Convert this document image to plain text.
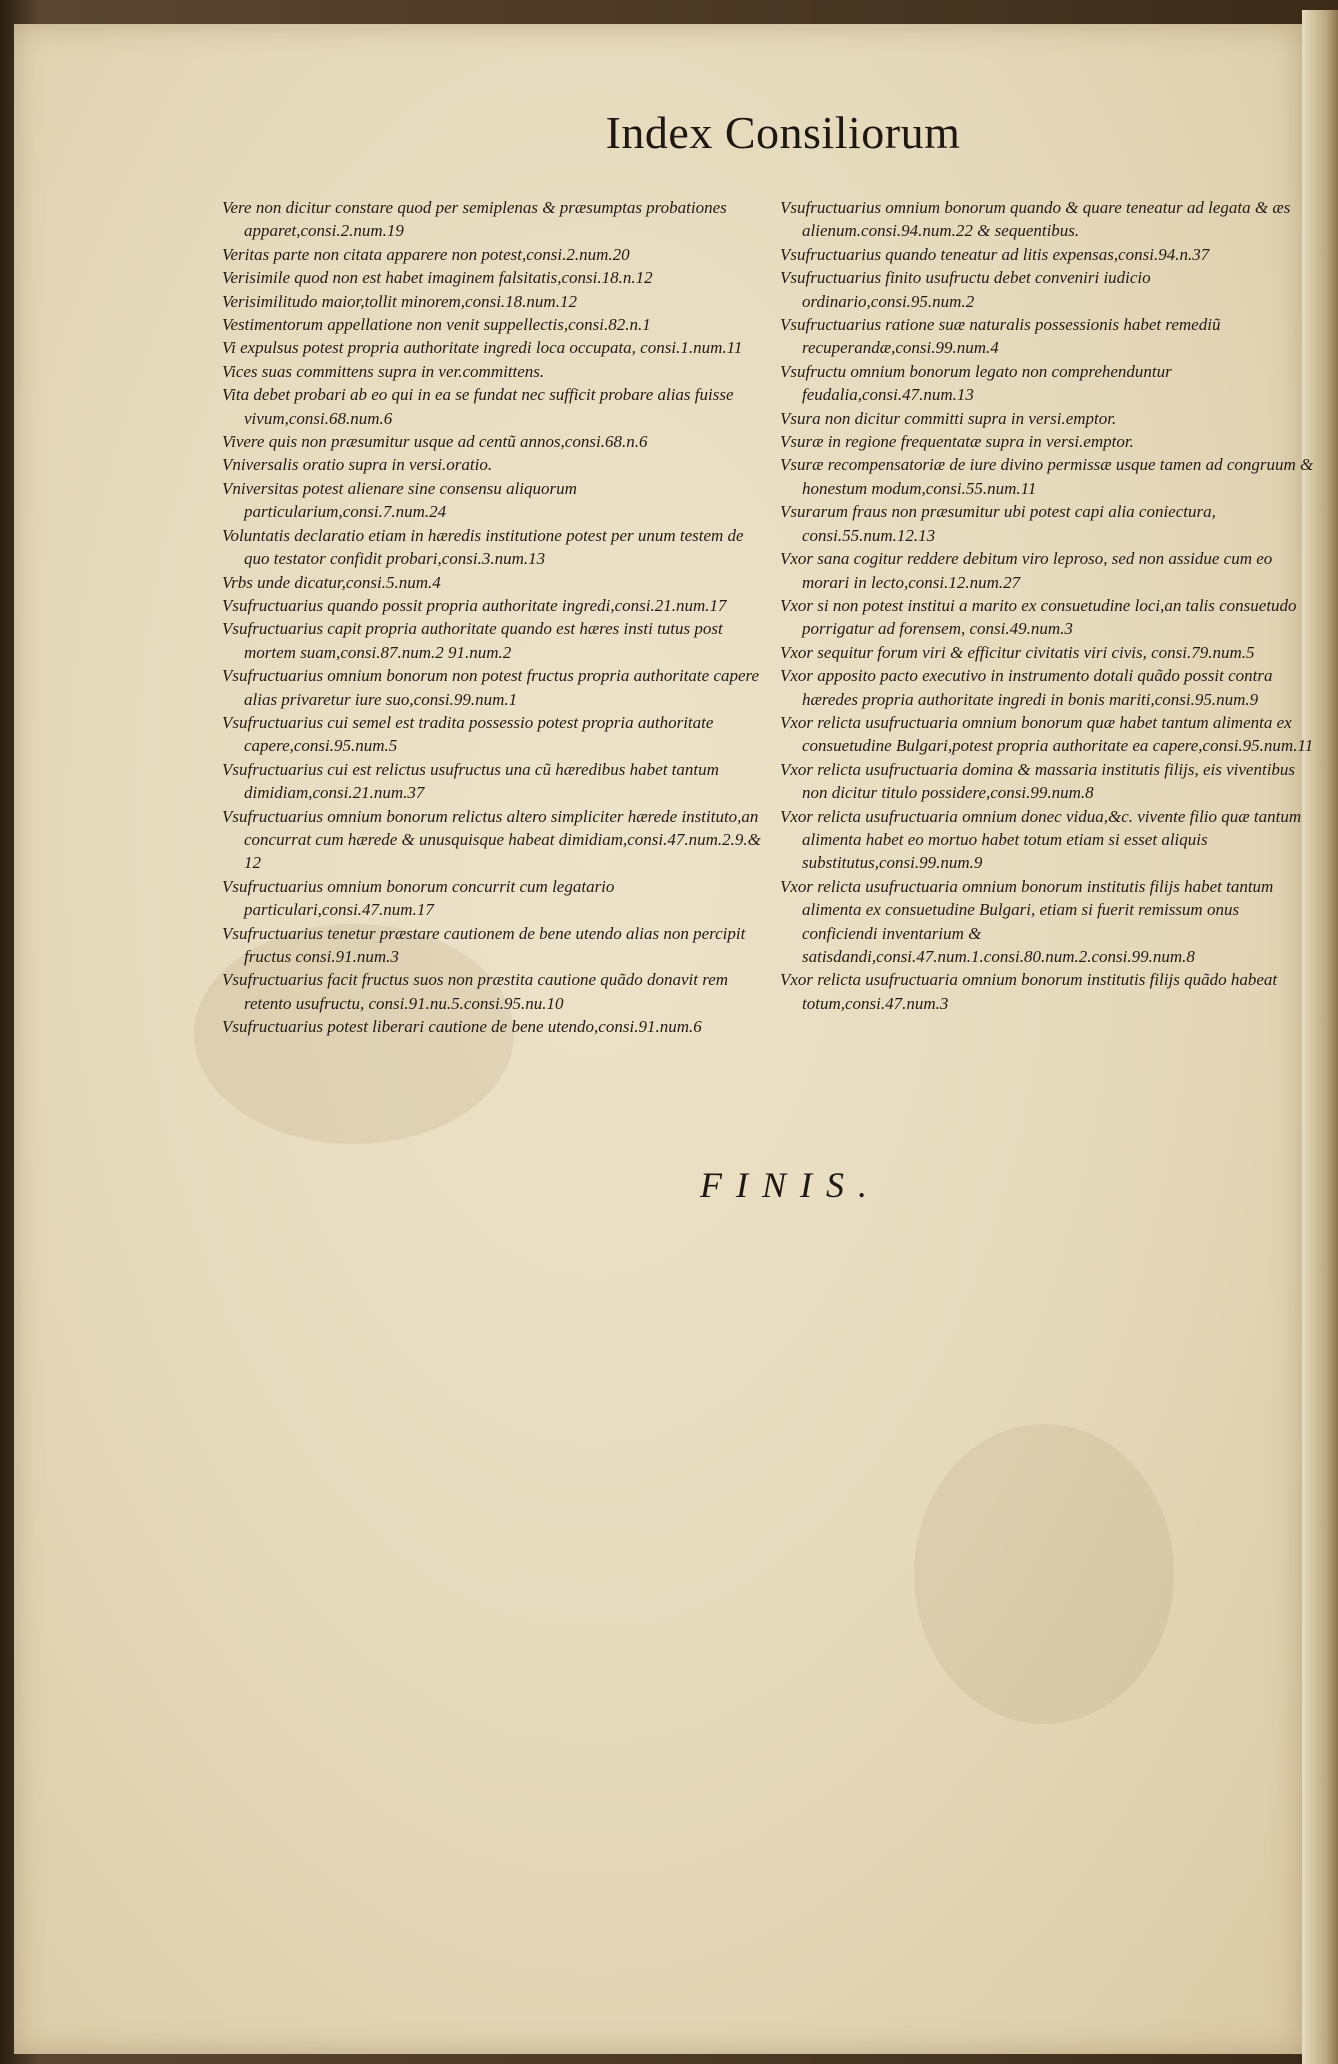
Index Consiliorum

Vere non dicitur constare quod per semiplenas & præsumptas probationes apparet,consi.2.num.19

Veritas parte non citata apparere non potest,consi.2.num.20

Verisimile quod non est habet imaginem falsitatis,consi.18.n.12

Verisimilitudo maior,tollit minorem,consi.18.num.12

Vestimentorum appellatione non venit suppellectis,consi.82.n.1

Vi expulsus potest propria authoritate ingredi loca occupata, consi.1.num.11

Vices suas committens supra in ver.committens.

Vita debet probari ab eo qui in ea se fundat nec sufficit probare alias fuisse vivum,consi.68.num.6

Vivere quis non præsumitur usque ad centũ annos,consi.68.n.6

Vniversalis oratio supra in versi.oratio.

Vniversitas potest alienare sine consensu aliquorum particularium,consi.7.num.24

Voluntatis declaratio etiam in hæredis institutione potest per unum testem de quo testator confidit probari,consi.3.num.13

Vrbs unde dicatur,consi.5.num.4

Vsufructuarius quando possit propria authoritate ingredi,consi.21.num.17

Vsufructuarius capit propria authoritate quando est hæres insti tutus post mortem suam,consi.87.num.2 91.num.2

Vsufructuarius omnium bonorum non potest fructus propria authoritate capere alias privaretur iure suo,consi.99.num.1

Vsufructuarius cui semel est tradita possessio potest propria authoritate capere,consi.95.num.5

Vsufructuarius cui est relictus usufructus una cũ hæredibus habet tantum dimidiam,consi.21.num.37

Vsufructuarius omnium bonorum relictus altero simpliciter hærede instituto,an concurrat cum hærede & unusquisque habeat dimidiam,consi.47.num.2.9.& 12

Vsufructuarius omnium bonorum concurrit cum legatario particulari,consi.47.num.17

Vsufructuarius tenetur præstare cautionem de bene utendo alias non percipit fructus consi.91.num.3

Vsufructuarius facit fructus suos non præstita cautione quãdo donavit rem retento usufructu, consi.91.nu.5.consi.95.nu.10

Vsufructuarius potest liberari cautione de bene utendo,consi.91.num.6

Vsufructuarius omnium bonorum quando & quare teneatur ad legata & æs alienum.consi.94.num.22 & sequentibus.

Vsufructuarius quando teneatur ad litis expensas,consi.94.n.37

Vsufructuarius finito usufructu debet conveniri iudicio ordinario,consi.95.num.2

Vsufructuarius ratione suæ naturalis possessionis habet remediũ recuperandæ,consi.99.num.4

Vsufructu omnium bonorum legato non comprehenduntur feudalia,consi.47.num.13

Vsura non dicitur committi supra in versi.emptor.

Vsuræ in regione frequentatæ supra in versi.emptor.

Vsuræ recompensatoriæ de iure divino permissæ usque tamen ad congruum & honestum modum,consi.55.num.11

Vsurarum fraus non præsumitur ubi potest capi alia coniectura, consi.55.num.12.13

Vxor sana cogitur reddere debitum viro leproso, sed non assidue cum eo morari in lecto,consi.12.num.27

Vxor si non potest institui a marito ex consuetudine loci,an talis consuetudo porrigatur ad forensem, consi.49.num.3

Vxor sequitur forum viri & efficitur civitatis viri civis, consi.79.num.5

Vxor apposito pacto executivo in instrumento dotali quãdo possit contra hæredes propria authoritate ingredi in bonis mariti,consi.95.num.9

Vxor relicta usufructuaria omnium bonorum quæ habet tantum alimenta ex consuetudine Bulgari,potest propria authoritate ea capere,consi.95.num.11

Vxor relicta usufructuaria domina & massaria institutis filijs, eis viventibus non dicitur titulo possidere,consi.99.num.8

Vxor relicta usufructuaria omnium donec vidua,&c. vivente filio quæ tantum alimenta habet eo mortuo habet totum etiam si esset aliquis substitutus,consi.99.num.9

Vxor relicta usufructuaria omnium bonorum institutis filijs habet tantum alimenta ex consuetudine Bulgari, etiam si fuerit remissum onus conficiendi inventarium & satisdandi,consi.47.num.1.consi.80.num.2.consi.99.num.8

Vxor relicta usufructuaria omnium bonorum institutis filijs quãdo habeat totum,consi.47.num.3

FINIS.
